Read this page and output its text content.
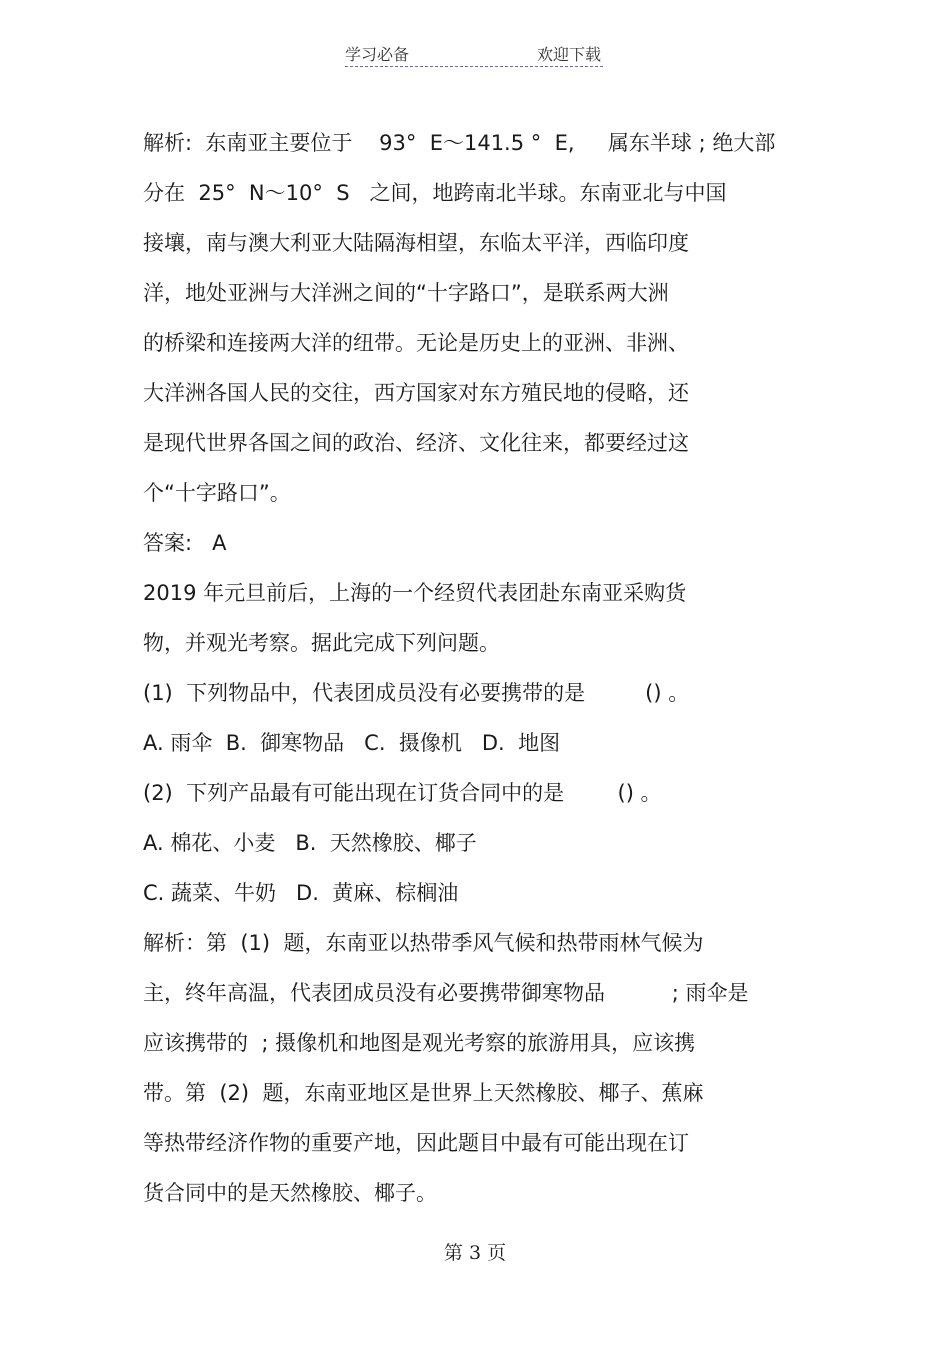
学习必备	欢迎下载
解析:  东南亚主要位于    93°  E～141.5 °  E,     属东半球 ; 绝大部
分在  25°  N～10°  S   之间，地跨南北半球。东南亚北与中国
接壤，南与澳大利亚大陆隔海相望，东临太平洋，西临印度
洋，地处亚洲与大洋洲之间的“十字路口”，是联系两大洲
的桥梁和连接两大洋的纽带。无论是历史上的亚洲、非洲、
大洋洲各国人民的交往，西方国家对东方殖民地的侵略，还
是现代世界各国之间的政治、经济、文化往来，都要经过这
个“十字路口”。
答案:   A
2019 年元旦前后，上海的一个经贸代表团赴东南亚采购货
物，并观光考察。据此完成下列问题。
(1)  下列物品中，代表团成员没有必要携带的是         () 。
A. 雨伞  B.  御寒物品   C.  摄像机   D.  地图
(2)  下列产品最有可能出现在订货合同中的是        () 。
A. 棉花、小麦   B.  天然橡胶、椰子
C. 蔬菜、牛奶   D.  黄麻、棕榈油
解析：第  (1)  题，东南亚以热带季风气候和热带雨林气候为
主，终年高温，代表团成员没有必要携带御寒物品          ; 雨伞是
应该携带的  ; 摄像机和地图是观光考察的旅游用具，应该携
带。第  (2)  题，东南亚地区是世界上天然橡胶、椰子、蕉麻
等热带经济作物的重要产地，因此题目中最有可能出现在订
货合同中的是天然橡胶、椰子。
第 3 页
